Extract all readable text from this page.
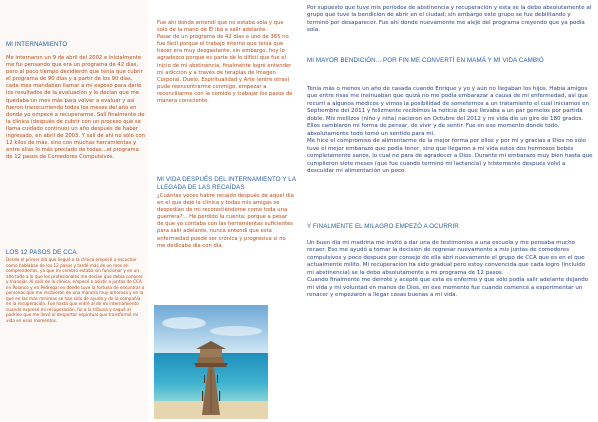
MI INTERNAMIENTO

Me internaron un 9 de abril del 2002 e inicialmente me fui pensando que era un programa de 42 días, pero al poco tiempo decidieron que tenía que cubrir el programa de 90 días y a partir de los 90 días, cada mes mandaban llamar a mi esposo para darle los resultados de la evaluación y le decían que me quedaba un mes más para volver a evaluar y así fueron transcurriendo todos los meses del año en donde yo empecé a recuperarme. Salí finalmente de la clínica (después de cubrir con un proceso que se llama cuidado continuo) un año después de haber ingresado, en abril de 2003. Y salí de ahí no sólo con 12 kilos de más, sino con muchas herramientas y entre ellas lo más preciado de todas…el programa de 12 pasos de Comedores Compulsivos.

LOS 12 PASOS DE CCA

Desde el primer día que llegué a la clínica empecé a escuchar como hablaban de los 12 pasos y tardé más de un mes en comprenderlos, ya que mi cerebro estaba sin funcionar y en un año todo a lo que los profesionales me decían que debía conocer y manejar. Al salir de la clínica, empecé a asistir a juntas de CCA en Polanco y en Pedregal en donde tuve la fortuna de encontrar a personas que me recibieron de una manera muy amorosa y en la que en las más mínimas se han sido de ayuda y de la compañía en la recuperación. Fue hasta que entré al de mi internamiento cuando expresé mi recuperación, fui a la tribuna y saqué al padrino que me llevó al despertar espiritual que transformó mi vida en esos momentos.

Fue ahí donde entendí que no estaba sola y que sólo de la mano de Él iba a salir adelante.
Pasar de un programa de 42 días a uno de 365 no fue fácil porque el trabajo interno que tenía que hacer era muy desgastante, sin embargo, hoy lo agradezco porque es parte de lo difícil que fue el inicio de mi abstinencia, finalmente logré entender mi adicción y a través de terapias de Imagen Corporal, Duelo, Espiritualidad y Arte (entre otras) pude reencontrarme conmigo, empezar a reconciliarme con la comida y trabajar los pasos de manera consciente.

MI VIDA DESPUÉS DEL INTERNAMIENTO Y LA LLEGADA DE LAS RECAÍDAS

¿Cuántas veces habré recaído después de aquel día en el que dejé la clínica y todas mis amigas se despedían de mi reconociéndome como toda una guerrera?... He perdido la cuenta; porque a pesar de que yo contaba con las herramientas suficientes para salir adelante, nunca entendí que esta enfermedad puede ser crónica y progresiva si no me dedicaba día con día.

Por supuesto que tuve mis periodos de abstinencia y recuperación y esta se la debo absolutamente al grupo que tuve la bendición de abrir en el ciudad; sin embargo este grupo se fue debilitando y terminó por desaparecer. Fue ahí donde nuevamente me alejé del programa creyendo que ya podía sola.

MI MAYOR BENDICIÓN... POR FIN ME CONVERTÍ EN MAMÁ Y MI VIDA CAMBIÓ

Tenía más o menos un año de casada cuando Enrique y yo y aún no llegaban los hijos. Había amigos que entre risas me insinuaban que quizá no me podía embarazar a causa de mi enfermedad, así que recurrí a algunos médicos y vimos la posibilidad de someternos a un tratamiento el cual iniciamos en Septiembre del 2011 y felizmente recibimos la noticia de que llevaba a un par gemelos por partida doble. Mis mellizos (niño y niña) nacieron en Octubre del 2012 y mi vida dio un giro de 180 grados. Ellos cambiaron mi forma de pensar, de vivir y de sentir. Fue en ese momento donde todo, absolutamente todo tomó un sentido para mí.
Me hice el compromiso de alimentarme de la mejor forma por ellos y por mí y gracias a Dios no sólo tuve el mejor embarazo que podía tener, sino que llegaron a mi vida estos dos hermosos bebés completamente sanos, lo cual no para de agradecer a Dios. Durante mi embarazo muy bien hasta que cumplieron siete meses (que fue cuando terminó mi lactancia) y tristemente después volví a descuidar mi alimentación un poco.

Y FINALMENTE EL MILAGRO EMPEZÓ A OCURRIR

Un buen día mi madrina me invitó a dar una de testimonios a una escuela y me pensaba mucho recaer. Eso me ayudó a tomar la decisión de regresar nuevamente a mis juntas de comedores compulsivos y poco después por consejo de ella abrí nuevamente el grupo de CCA que es en el que actualmente milito. Mi recuperación ha sido gradual pero estoy convencida que cada logro (incluido mi abstinencia) se la debo absolutamente a mi programa de 12 pasos.
Cuando finalmente me derroté y acepté que esta es enfermo y que sólo podía salir adelante dejando mi vida y mi voluntad en manos de Dios, en ese momento fue cuando comencé a experimentar un renacer y empezaron a llegar cosas buenas a mi vida.
